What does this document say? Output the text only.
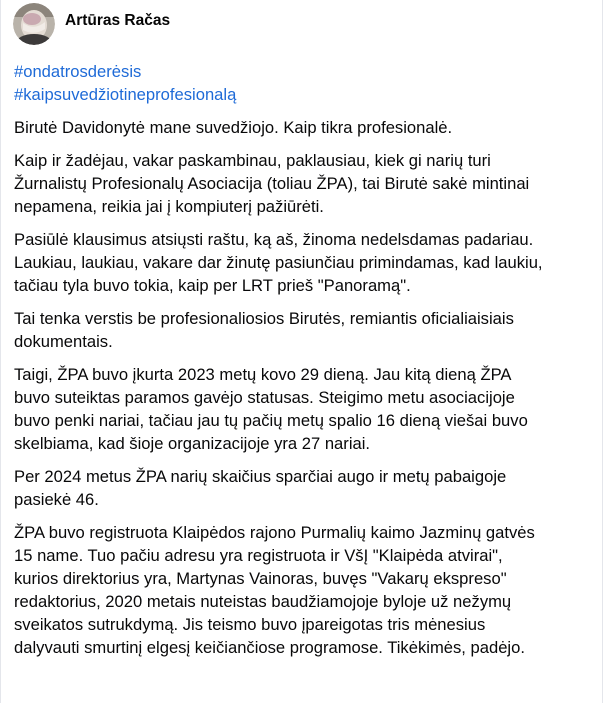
Artūras Račas
#ondatrosderėsis
#kaipsuvedžiotineprofesionalą

Birutė Davidonytė mane suvedžiojo. Kaip tikra profesionalė.

Kaip ir žadėjau, vakar paskambinau, paklausiau, kiek gi narių turi
Žurnalistų Profesionalų Asociacija (toliau ŽPA), tai Birutė sakė mintinai
nepamena, reikia jai į kompiuterį pažiūrėti.

Pasiūlė klausimus atsiųsti raštu, ką aš, žinoma nedelsdamas padariau.
Laukiau, laukiau, vakare dar žinutę pasiunčiau primindamas, kad laukiu,
tačiau tyla buvo tokia, kaip per LRT prieš "Panoramą".

Tai tenka verstis be profesionaliosios Birutės, remiantis oficialiaisiais
dokumentais.

Taigi, ŽPA buvo įkurta 2023 metų kovo 29 dieną. Jau kitą dieną ŽPA
buvo suteiktas paramos gavėjo statusas. Steigimo metu asociacijoje
buvo penki nariai, tačiau jau tų pačių metų spalio 16 dieną viešai buvo
skelbiama, kad šioje organizacijoje yra 27 nariai.

Per 2024 metus ŽPA narių skaičius sparčiai augo ir metų pabaigoje
pasiekė 46.

ŽPA buvo registruota Klaipėdos rajono Purmalių kaimo Jazminų gatvės
15 name. Tuo pačiu adresu yra registruota ir VšĮ "Klaipėda atvirai",
kurios direktorius yra, Martynas Vainoras, buvęs "Vakarų ekspreso"
redaktorius, 2020 metais nuteistas baudžiamojoje byloje už nežymų
sveikatos sutrukdymą. Jis teismo buvo įpareigotas tris mėnesius
dalyvauti smurtinį elgesį keičiančiose programose. Tikėkimės, padėjo.
